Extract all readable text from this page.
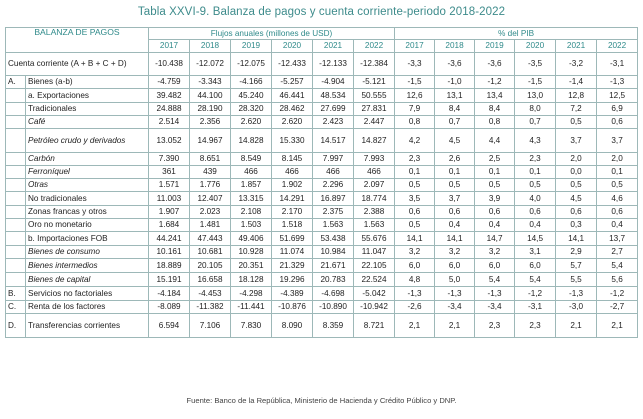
Tabla XXVI-9. Balanza de pagos y cuenta corriente-periodo 2018-2022
BALANZA DE PAGOS		Flujos anuales (millones de USD)						% del PIB					
		2017	2018	2019	2020	2021	2022	2017	2018	2019	2020	2021	2022
Cuenta corriente (A + B + C + D)		-10.438	-12.072	-12.075	-12.433	-12.133	-12.384	-3,3	-3,6	-3,6	-3,5	-3,2	-3,1
A.	Bienes (a-b)	-4.759	-3.343	-4.166	-5.257	-4.904	-5.121	-1,5	-1,0	-1,2	-1,5	-1,4	-1,3
	a. Exportaciones	39.482	44.100	45.240	46.441	48.534	50.555	12,6	13,1	13,4	13,0	12,8	12,5
	Tradicionales	24.888	28.190	28.320	28.462	27.699	27.831	7,9	8,4	8,4	8,0	7,2	6,9
	Café	2.514	2.356	2.620	2.620	2.423	2.447	0,8	0,7	0,8	0,7	0,5	0,6
	Petróleo crudo y derivados	13.052	14.967	14.828	15.330	14.517	14.827	4,2	4,5	4,4	4,3	3,7	3,7
	Carbón	7.390	8.651	8.549	8.145	7.997	7.993	2,3	2,6	2,5	2,3	2,0	2,0
	Ferroníquel	361	439	466	466	466	466	0,1	0,1	0,1	0,1	0,0	0,1
	Otras	1.571	1.776	1.857	1.902	2.296	2.097	0,5	0,5	0,5	0,5	0,5	0,5
	No tradicionales	11.003	12.407	13.315	14.291	16.897	18.774	3,5	3,7	3,9	4,0	4,5	4,6
	Zonas francas y otros	1.907	2.023	2.108	2.170	2.375	2.388	0,6	0,6	0,6	0,6	0,6	0,6
	Oro no monetario	1.684	1.481	1.503	1.518	1.563	1.563	0,5	0,4	0,4	0,4	0,3	0,4
	b. Importaciones FOB	44.241	47.443	49.406	51.699	53.438	55.676	14,1	14,1	14,7	14,5	14,1	13,7
	Bienes de consumo	10.161	10.681	10.928	11.074	10.984	11.047	3,2	3,2	3,2	3,1	2,9	2,7
	Bienes intermedios	18.889	20.105	20.351	21.329	21.671	22.105	6,0	6,0	6,0	6,0	5,7	5,4
	Bienes de capital	15.191	16.658	18.128	19.296	20.783	22.524	4,8	5,0	5,4	5,4	5,5	5,6
B.	Servicios no factoriales	-4.184	-4.453	-4.298	-4.389	-4.698	-5.042	-1,3	-1,3	-1,3	-1,2	-1,3	-1,2
C.	Renta de los factores	-8.089	-11.382	-11.441	-10.876	-10.890	-10.942	-2,6	-3,4	-3,4	-3,1	-3,0	-2,7
D.	Transferencias corrientes	6.594	7.106	7.830	8.090	8.359	8.721	2,1	2,1	2,3	2,3	2,1	2,1
Fuente: Banco de la República, Ministerio de Hacienda y Crédito Público y DNP.
